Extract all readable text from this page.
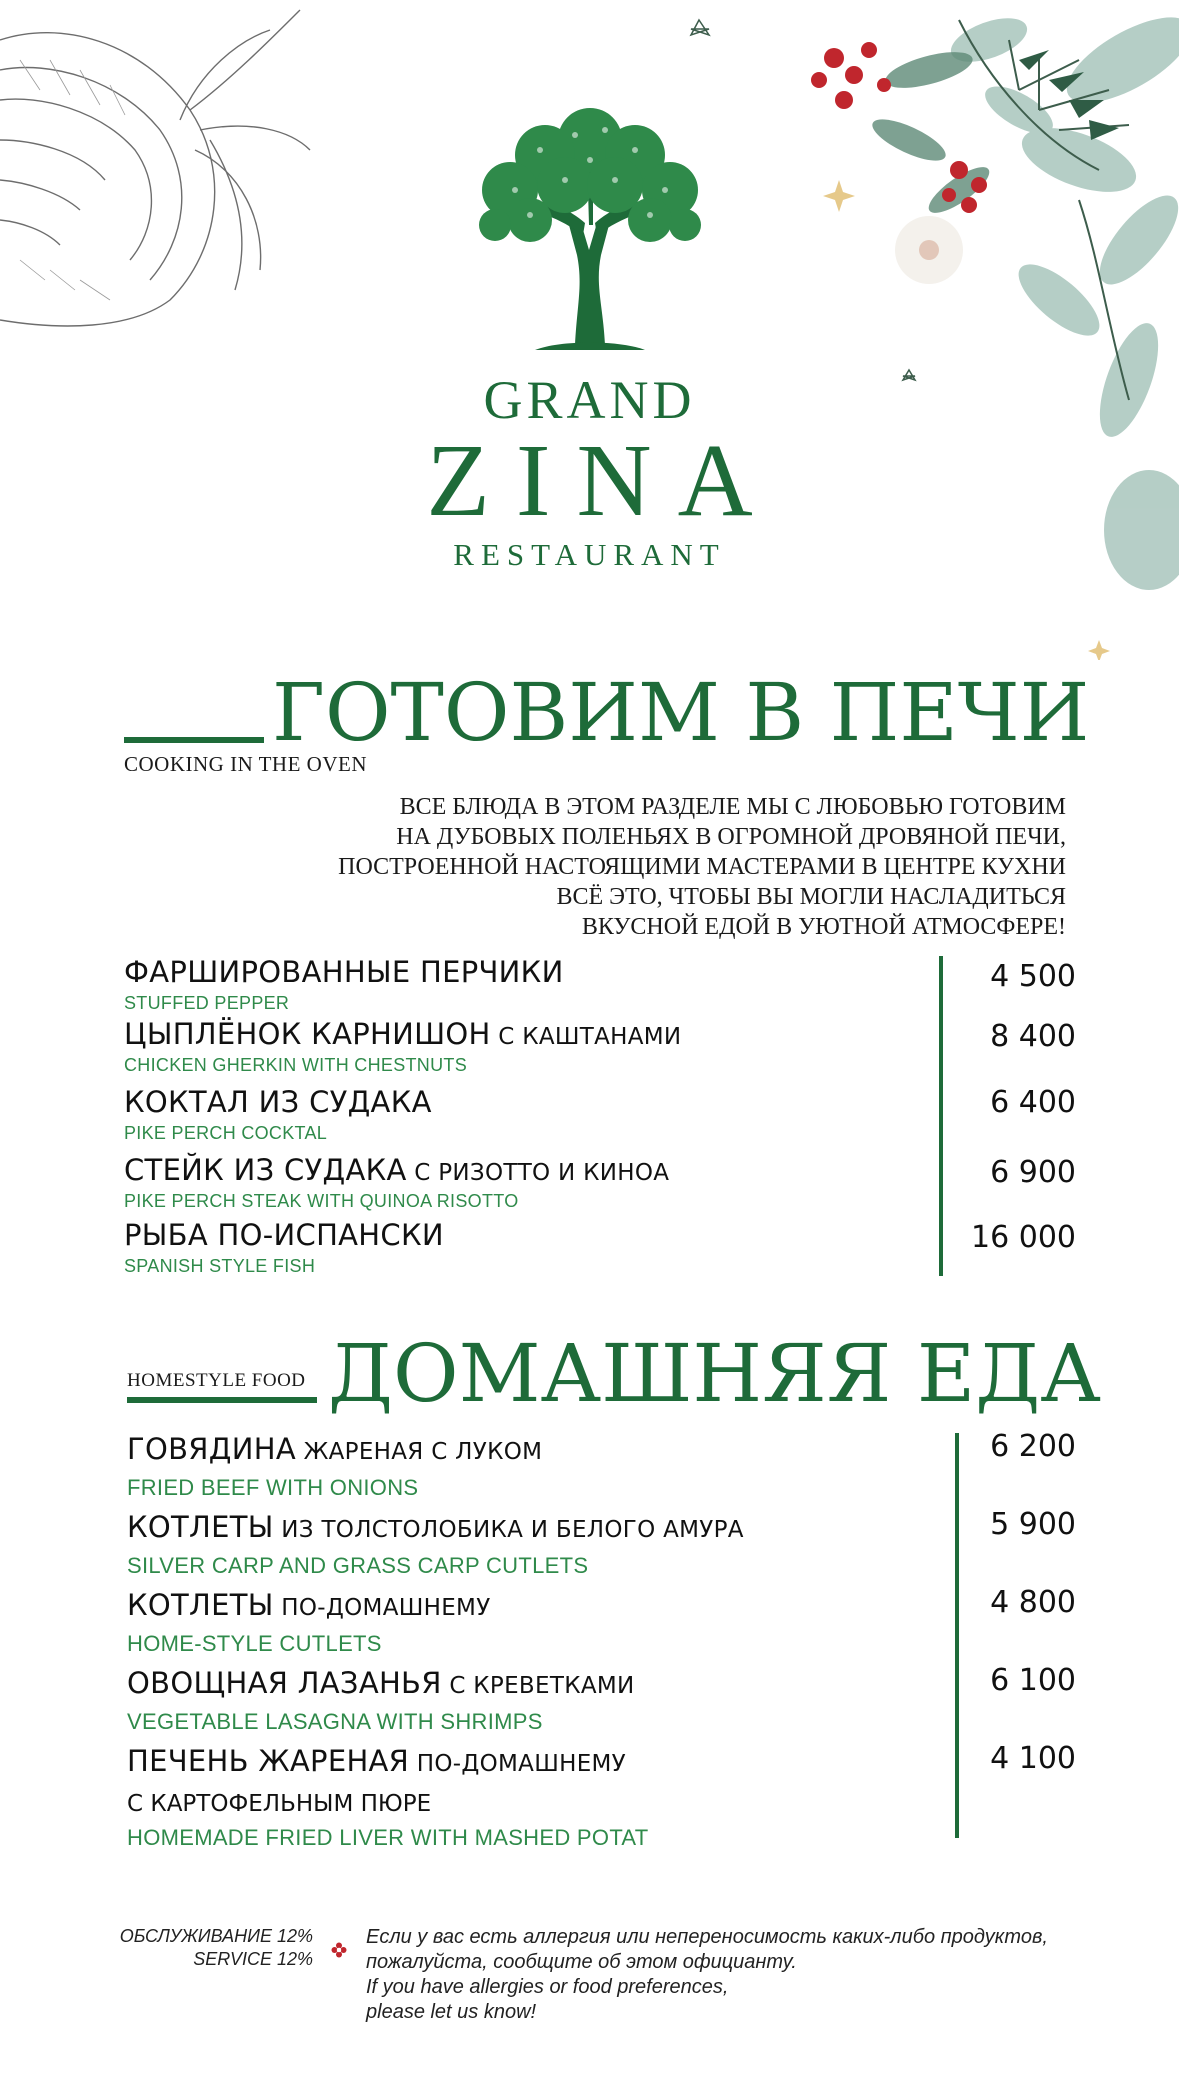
GRAND
ZINA
RESTAURANT
ГОТОВИМ В ПЕЧИ
COOKING IN THE OVEN
ВСЕ БЛЮДА В ЭТОМ РАЗДЕЛЕ МЫ С ЛЮБОВЬЮ ГОТОВИМ
НА ДУБОВЫХ ПОЛЕНЬЯХ В ОГРОМНОЙ ДРОВЯНОЙ ПЕЧИ,
ПОСТРОЕННОЙ НАСТОЯЩИМИ МАСТЕРАМИ В ЦЕНТРЕ КУХНИ
ВСЁ ЭТО, ЧТОБЫ ВЫ МОГЛИ НАСЛАДИТЬСЯ
ВКУСНОЙ ЕДОЙ В УЮТНОЙ АТМОСФЕРЕ!
ФАРШИРОВАННЫЕ ПЕРЧИКИ
STUFFED PEPPER
4 500
ЦЫПЛЁНОК КАРНИШОН С КАШТАНАМИ
CHICKEN GHERKIN WITH CHESTNUTS
8 400
КОКТАЛ ИЗ СУДАКА
PIKE PERCH COCKTAL
6 400
СТЕЙК ИЗ СУДАКА С РИЗОТТО И КИНОА
PIKE PERCH STEAK WITH QUINOA RISOTTO
6 900
РЫБА ПО-ИСПАНСКИ
SPANISH STYLE FISH
16 000
HOMESTYLE FOOD ДОМАШНЯЯ ЕДА
ГОВЯДИНА ЖАРЕНАЯ С ЛУКОМ
FRIED BEEF WITH ONIONS
6 200
КОТЛЕТЫ ИЗ ТОЛСТОЛОБИКА И БЕЛОГО АМУРА
SILVER CARP AND GRASS CARP CUTLETS
5 900
КОТЛЕТЫ ПО-ДОМАШНЕМУ
HOME-STYLE CUTLETS
4 800
ОВОЩНАЯ ЛАЗАНЬЯ С КРЕВЕТКАМИ
VEGETABLE LASAGNA WITH SHRIMPS
6 100
ПЕЧЕНЬ ЖАРЕНАЯ ПО-ДОМАШНЕМУ
С КАРТОФЕЛЬНЫМ ПЮРЕ
HOMEMADE FRIED LIVER WITH MASHED POTAT
4 100
ОБСЛУЖИВАНИЕ 12%
SERVICE 12%
Если у вас есть аллергия или непереносимость каких-либо продуктов,
пожалуйста, сообщите об этом официанту.
If you have allergies or food preferences,
please let us know!
